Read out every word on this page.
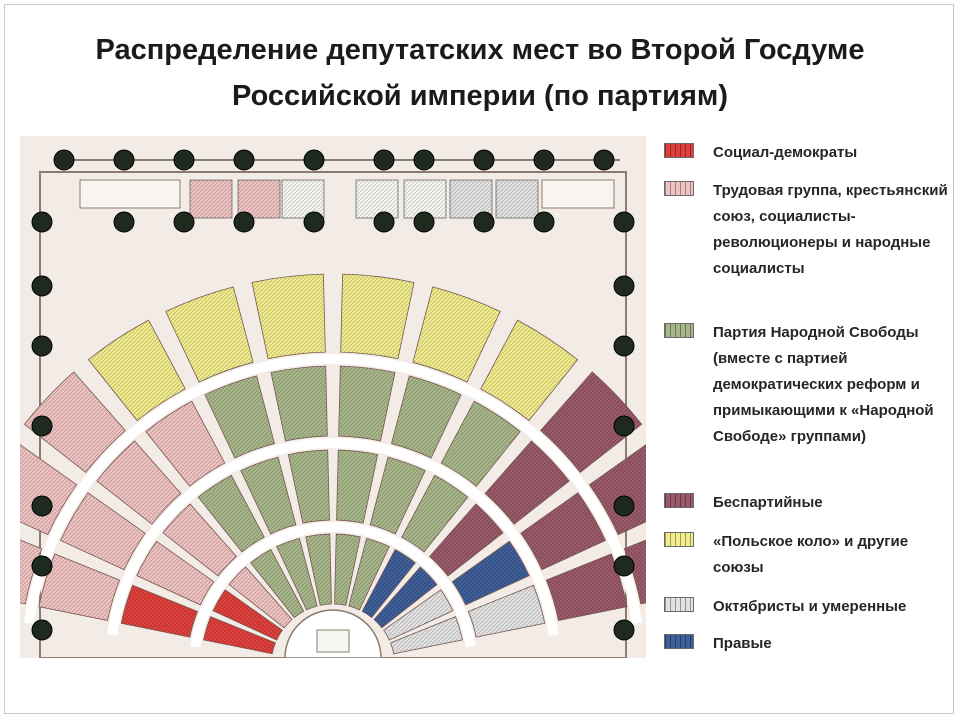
Распределение депутатских мест во Второй Госдуме
Российской империи (по партиям)
Социал-демократы
Трудовая группа, крестьянский союз, социалисты-революционеры и народные социалисты
Партия Народной Свободы (вместе с партией демократических реформ и примыкающими к «Народной Свободе» группами)
Беспартийные
«Польское коло» и другие союзы
Октябристы и умеренные
Правые
